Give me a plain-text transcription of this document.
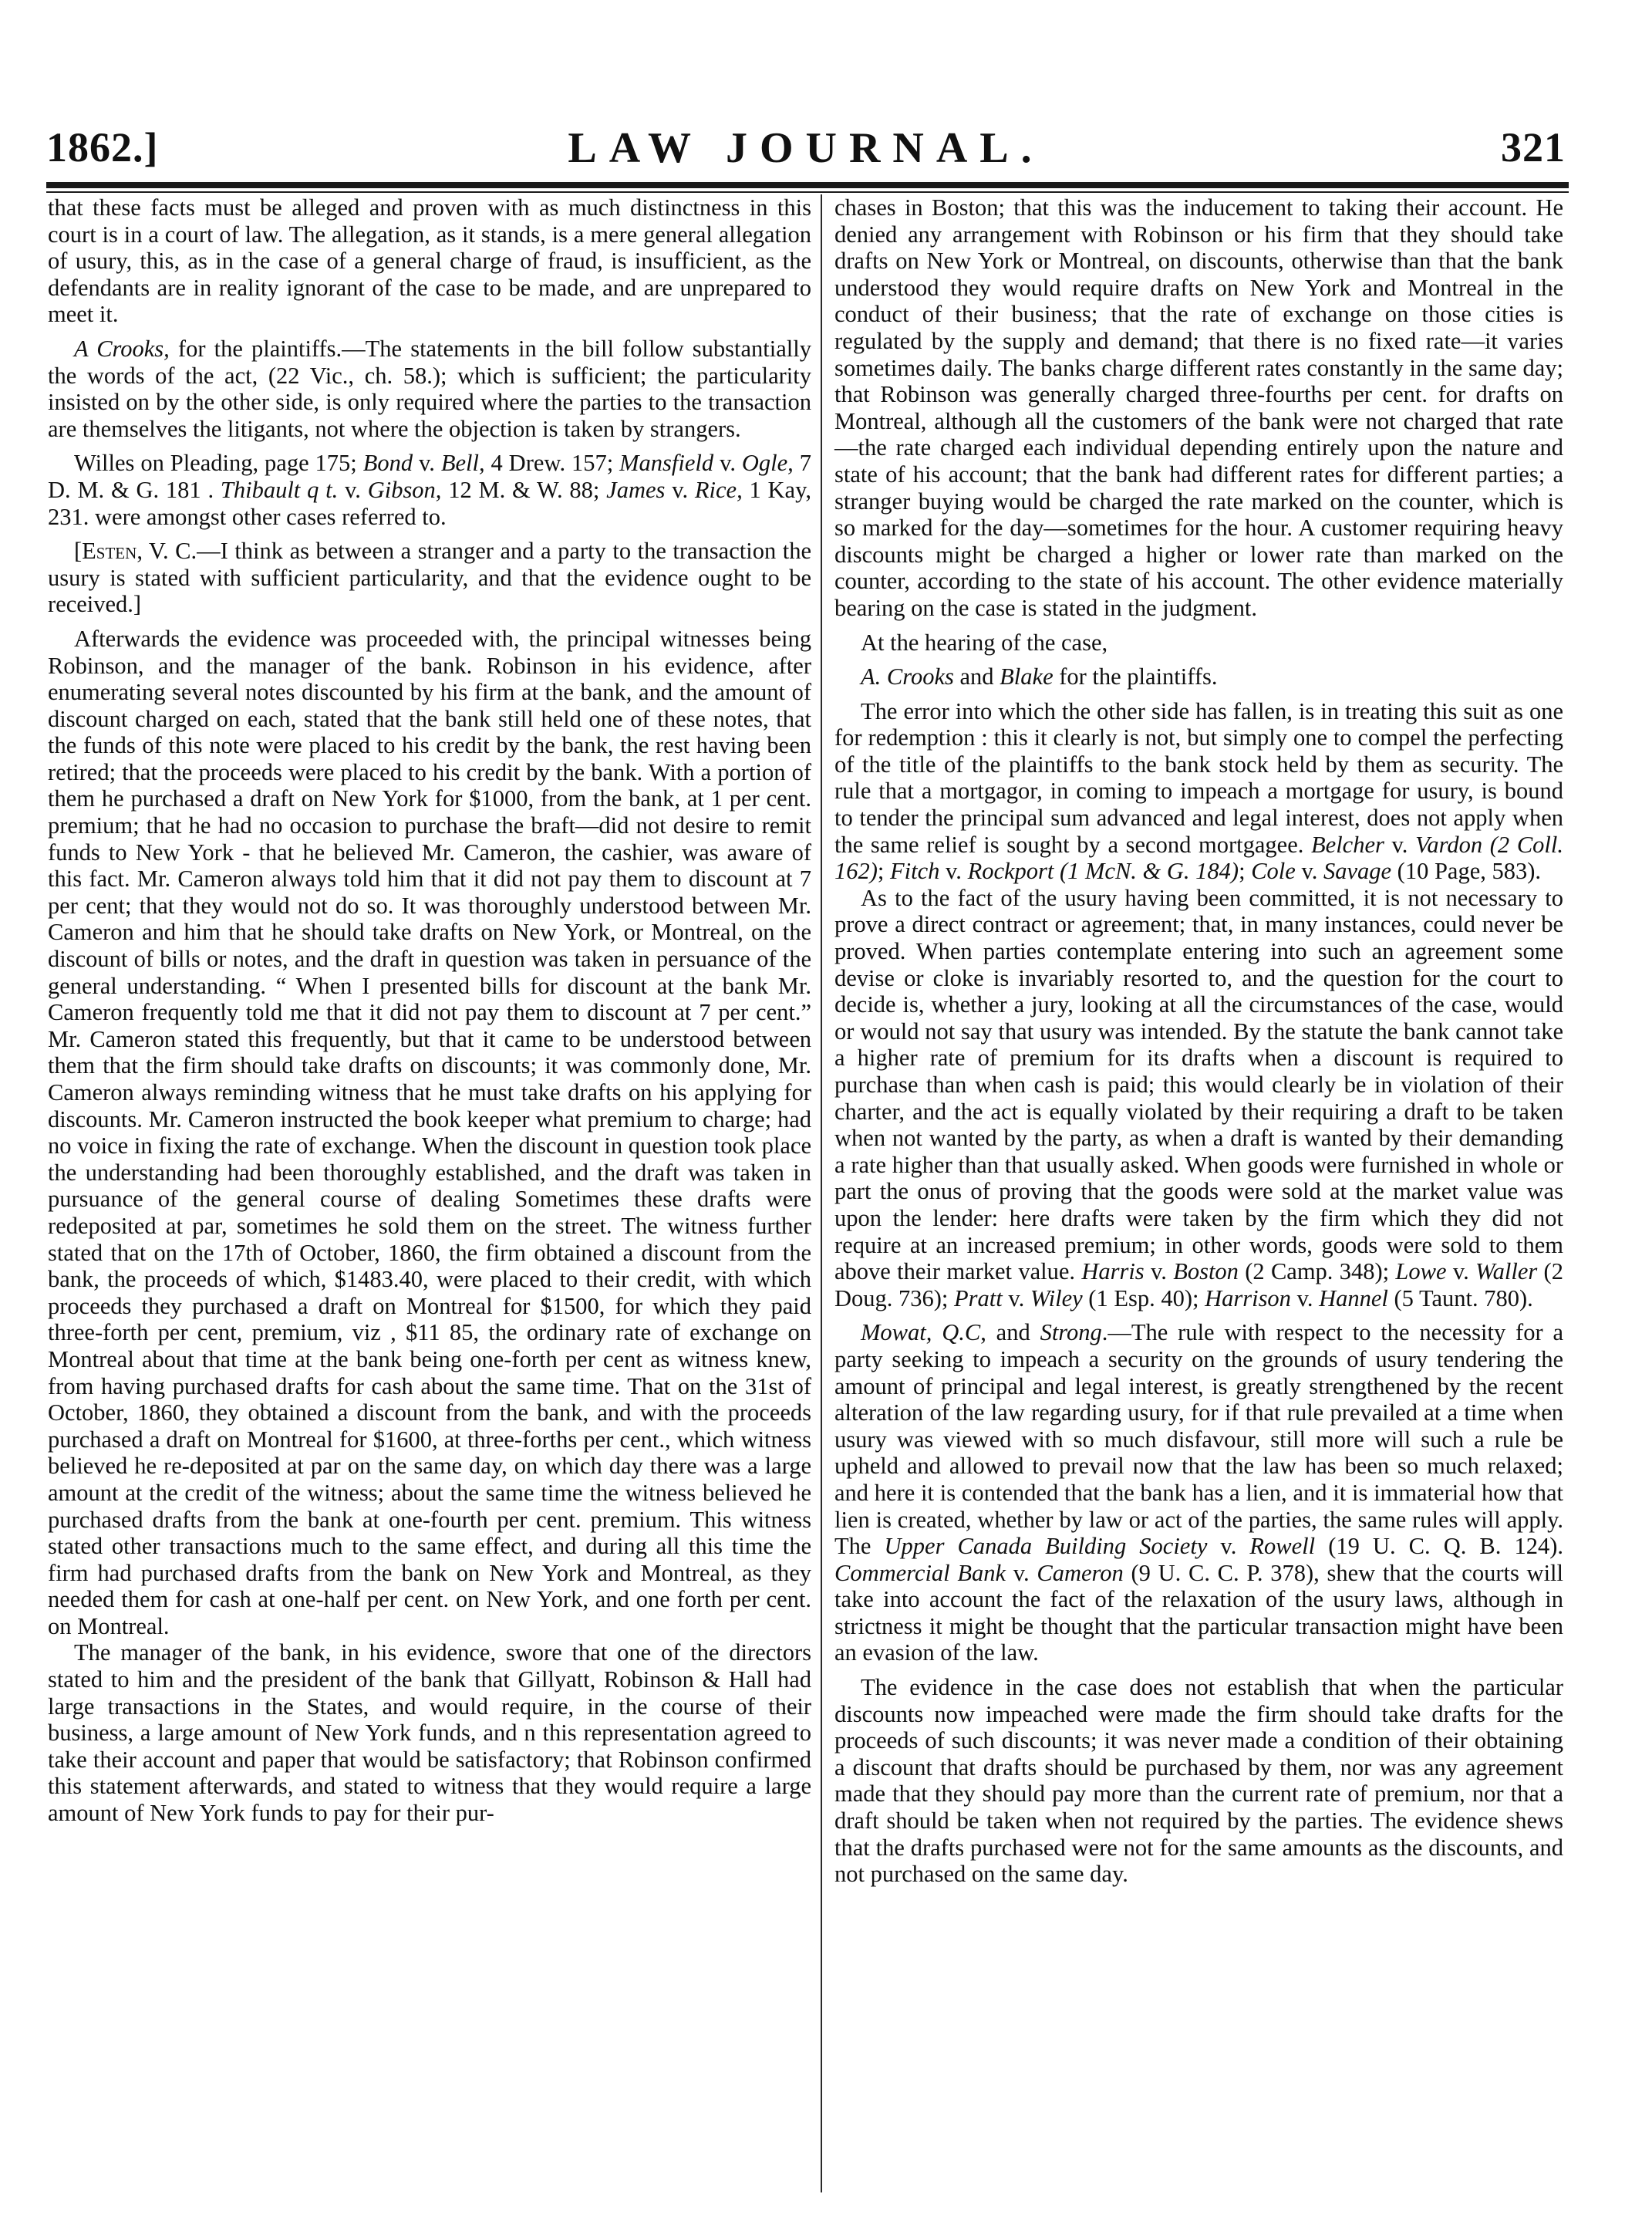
1862.]	LAW JOURNAL.	321

that these facts must be alleged and proven with as much distinctness in this court is in a court of law. The allegation, as it stands, is a mere general allegation of usury, this, as in the case of a general charge of fraud, is insufficient, as the defendants are in reality ignorant of the case to be made, and are unprepared to meet it.

A Crooks, for the plaintiffs.—The statements in the bill follow substantially the words of the act, (22 Vic., ch. 58.); which is sufficient; the particularity insisted on by the other side, is only required where the parties to the transaction are themselves the litigants, not where the objection is taken by strangers.

Willes on Pleading, page 175; Bond v. Bell, 4 Drew. 157; Mansfield v. Ogle, 7 D. M. & G. 181 . Thibault q t. v. Gibson, 12 M. & W. 88; James v. Rice, 1 Kay, 231. were amongst other cases referred to.

[Esten, V. C.—I think as between a stranger and a party to the transaction the usury is stated with sufficient particularity, and that the evidence ought to be received.]

Afterwards the evidence was proceeded with, the principal witnesses being Robinson, and the manager of the bank. Robinson in his evidence, after enumerating several notes discounted by his firm at the bank, and the amount of discount charged on each, stated that the bank still held one of these notes, that the funds of this note were placed to his credit by the bank, the rest having been retired; that the proceeds were placed to his credit by the bank. With a portion of them he purchased a draft on New York for $1000, from the bank, at 1 per cent. premium; that he had no occasion to purchase the braft—did not desire to remit funds to New York - that he believed Mr. Cameron, the cashier, was aware of this fact. Mr. Cameron always told him that it did not pay them to discount at 7 per cent; that they would not do so. It was thoroughly understood between Mr. Cameron and him that he should take drafts on New York, or Montreal, on the discount of bills or notes, and the draft in question was taken in persuance of the general understanding. “ When I presented bills for discount at the bank Mr. Cameron frequently told me that it did not pay them to discount at 7 per cent.” Mr. Cameron stated this frequently, but that it came to be understood between them that the firm should take drafts on discounts; it was commonly done, Mr. Cameron always reminding witness that he must take drafts on his applying for discounts. Mr. Cameron instructed the book keeper what premium to charge; had no voice in fixing the rate of exchange. When the discount in question took place the understanding had been thoroughly established, and the draft was taken in pursuance of the general course of dealing Sometimes these drafts were redeposited at par, sometimes he sold them on the street. The witness further stated that on the 17th of October, 1860, the firm obtained a discount from the bank, the proceeds of which, $1483.40, were placed to their credit, with which proceeds they purchased a draft on Montreal for $1500, for which they paid three-forth per cent, premium, viz , $11 85, the ordinary rate of exchange on Montreal about that time at the bank being one-forth per cent as witness knew, from having purchased drafts for cash about the same time. That on the 31st of October, 1860, they obtained a discount from the bank, and with the proceeds purchased a draft on Montreal for $1600, at three-forths per cent., which witness believed he re-deposited at par on the same day, on which day there was a large amount at the credit of the witness; about the same time the witness believed he purchased drafts from the bank at one-fourth per cent. premium. This witness stated other transactions much to the same effect, and during all this time the firm had purchased drafts from the bank on New York and Montreal, as they needed them for cash at one-half per cent. on New York, and one forth per cent. on Montreal.

The manager of the bank, in his evidence, swore that one of the directors stated to him and the president of the bank that Gillyatt, Robinson & Hall had large transactions in the States, and would require, in the course of their business, a large amount of New York funds, and n this representation agreed to take their account and paper that would be satisfactory; that Robinson confirmed this statement afterwards, and stated to witness that they would require a large amount of New York funds to pay for their pur-

chases in Boston; that this was the inducement to taking their account. He denied any arrangement with Robinson or his firm that they should take drafts on New York or Montreal, on discounts, otherwise than that the bank understood they would require drafts on New York and Montreal in the conduct of their business; that the rate of exchange on those cities is regulated by the supply and demand; that there is no fixed rate—it varies sometimes daily. The banks charge different rates constantly in the same day; that Robinson was generally charged three-fourths per cent. for drafts on Montreal, although all the customers of the bank were not charged that rate—the rate charged each individual depending entirely upon the nature and state of his account; that the bank had different rates for different parties; a stranger buying would be charged the rate marked on the counter, which is so marked for the day—sometimes for the hour. A customer requiring heavy discounts might be charged a higher or lower rate than marked on the counter, according to the state of his account. The other evidence materially bearing on the case is stated in the judgment.

At the hearing of the case,

A. Crooks and Blake for the plaintiffs.

The error into which the other side has fallen, is in treating this suit as one for redemption : this it clearly is not, but simply one to compel the perfecting of the title of the plaintiffs to the bank stock held by them as security. The rule that a mortgagor, in coming to impeach a mortgage for usury, is bound to tender the principal sum advanced and legal interest, does not apply when the same relief is sought by a second mortgagee. Belcher v. Vardon (2 Coll. 162); Fitch v. Rockport (1 McN. & G. 184); Cole v. Savage (10 Page, 583).

As to the fact of the usury having been committed, it is not necessary to prove a direct contract or agreement; that, in many instances, could never be proved. When parties contemplate entering into such an agreement some devise or cloke is invariably resorted to, and the question for the court to decide is, whether a jury, looking at all the circumstances of the case, would or would not say that usury was intended. By the statute the bank cannot take a higher rate of premium for its drafts when a discount is required to purchase than when cash is paid; this would clearly be in violation of their charter, and the act is equally violated by their requiring a draft to be taken when not wanted by the party, as when a draft is wanted by their demanding a rate higher than that usually asked. When goods were furnished in whole or part the onus of proving that the goods were sold at the market value was upon the lender: here drafts were taken by the firm which they did not require at an increased premium; in other words, goods were sold to them above their market value. Harris v. Boston (2 Camp. 348); Lowe v. Waller (2 Doug. 736); Pratt v. Wiley (1 Esp. 40); Harrison v. Hannel (5 Taunt. 780).

Mowat, Q.C, and Strong.—The rule with respect to the necessity for a party seeking to impeach a security on the grounds of usury tendering the amount of principal and legal interest, is greatly strengthened by the recent alteration of the law regarding usury, for if that rule prevailed at a time when usury was viewed with so much disfavour, still more will such a rule be upheld and allowed to prevail now that the law has been so much relaxed; and here it is contended that the bank has a lien, and it is immaterial how that lien is created, whether by law or act of the parties, the same rules will apply. The Upper Canada Building Society v. Rowell (19 U. C. Q. B. 124). Commercial Bank v. Cameron (9 U. C. C. P. 378), shew that the courts will take into account the fact of the relaxation of the usury laws, although in strictness it might be thought that the particular transaction might have been an evasion of the law.

The evidence in the case does not establish that when the particular discounts now impeached were made the firm should take drafts for the proceeds of such discounts; it was never made a condition of their obtaining a discount that drafts should be purchased by them, nor was any agreement made that they should pay more than the current rate of premium, nor that a draft should be taken when not required by the parties. The evidence shews that the drafts purchased were not for the same amounts as the discounts, and not purchased on the same day.
